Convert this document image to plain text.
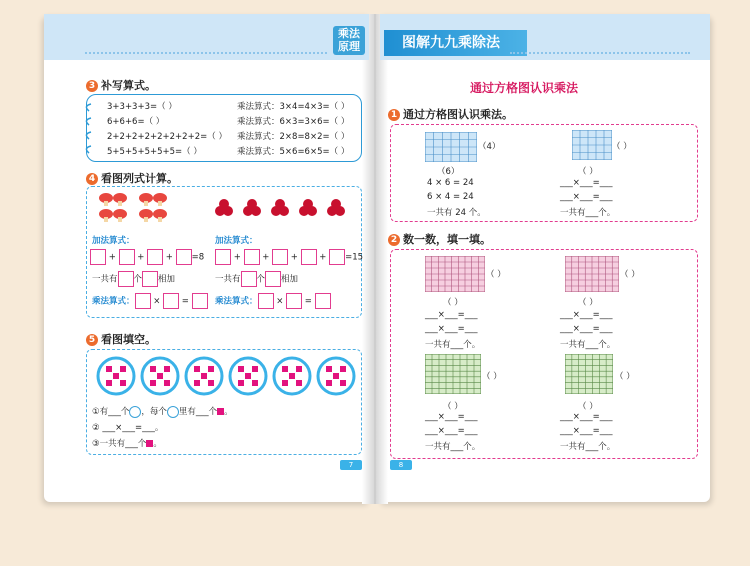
乘法
原理	图解九九乘除法
3 补写算式。
3+3+3+3=（ ）	乘法算式：3×4=4×3=（ ）
6+6+6=（ ）	乘法算式：6×3=3×6=（ ）
2+2+2+2+2+2+2+2=（ ） 乘法算式：2×8=8×2=（ ）
5+5+5+5+5+5=（ ）	乘法算式：5×6=6×5=（ ）
4 看图列式计算。
加法算式：	加法算式：
+	+	+ =8	+	+	+	+ =15
一共有 个 相加	一共有 个 相加
乘法算式： ×	=	乘法算式： ×	=
5 看图填空。
①有___个 ，每个 里有___个 。
② ___×___=___。
③一共有___个 。
7
通过方格图认识乘法
1 通过方格图认识乘法。
（4）
（6）
4 × 6 = 24
6 × 4 = 24
一共有 24 个。
（ ）
（ ）
___×___=___
___×___=___
一共有___个。
2 数一数，填一填。
（ ）
（ ）
___×___=___
___×___=___
一共有___个。
（ ）
（ ）
___×___=___
___×___=___
一共有___个。
（ ）
（ ）
___×___=___
___×___=___
一共有___个。
（ ）
（ ）
___×___=___
___×___=___
一共有___个。
8
